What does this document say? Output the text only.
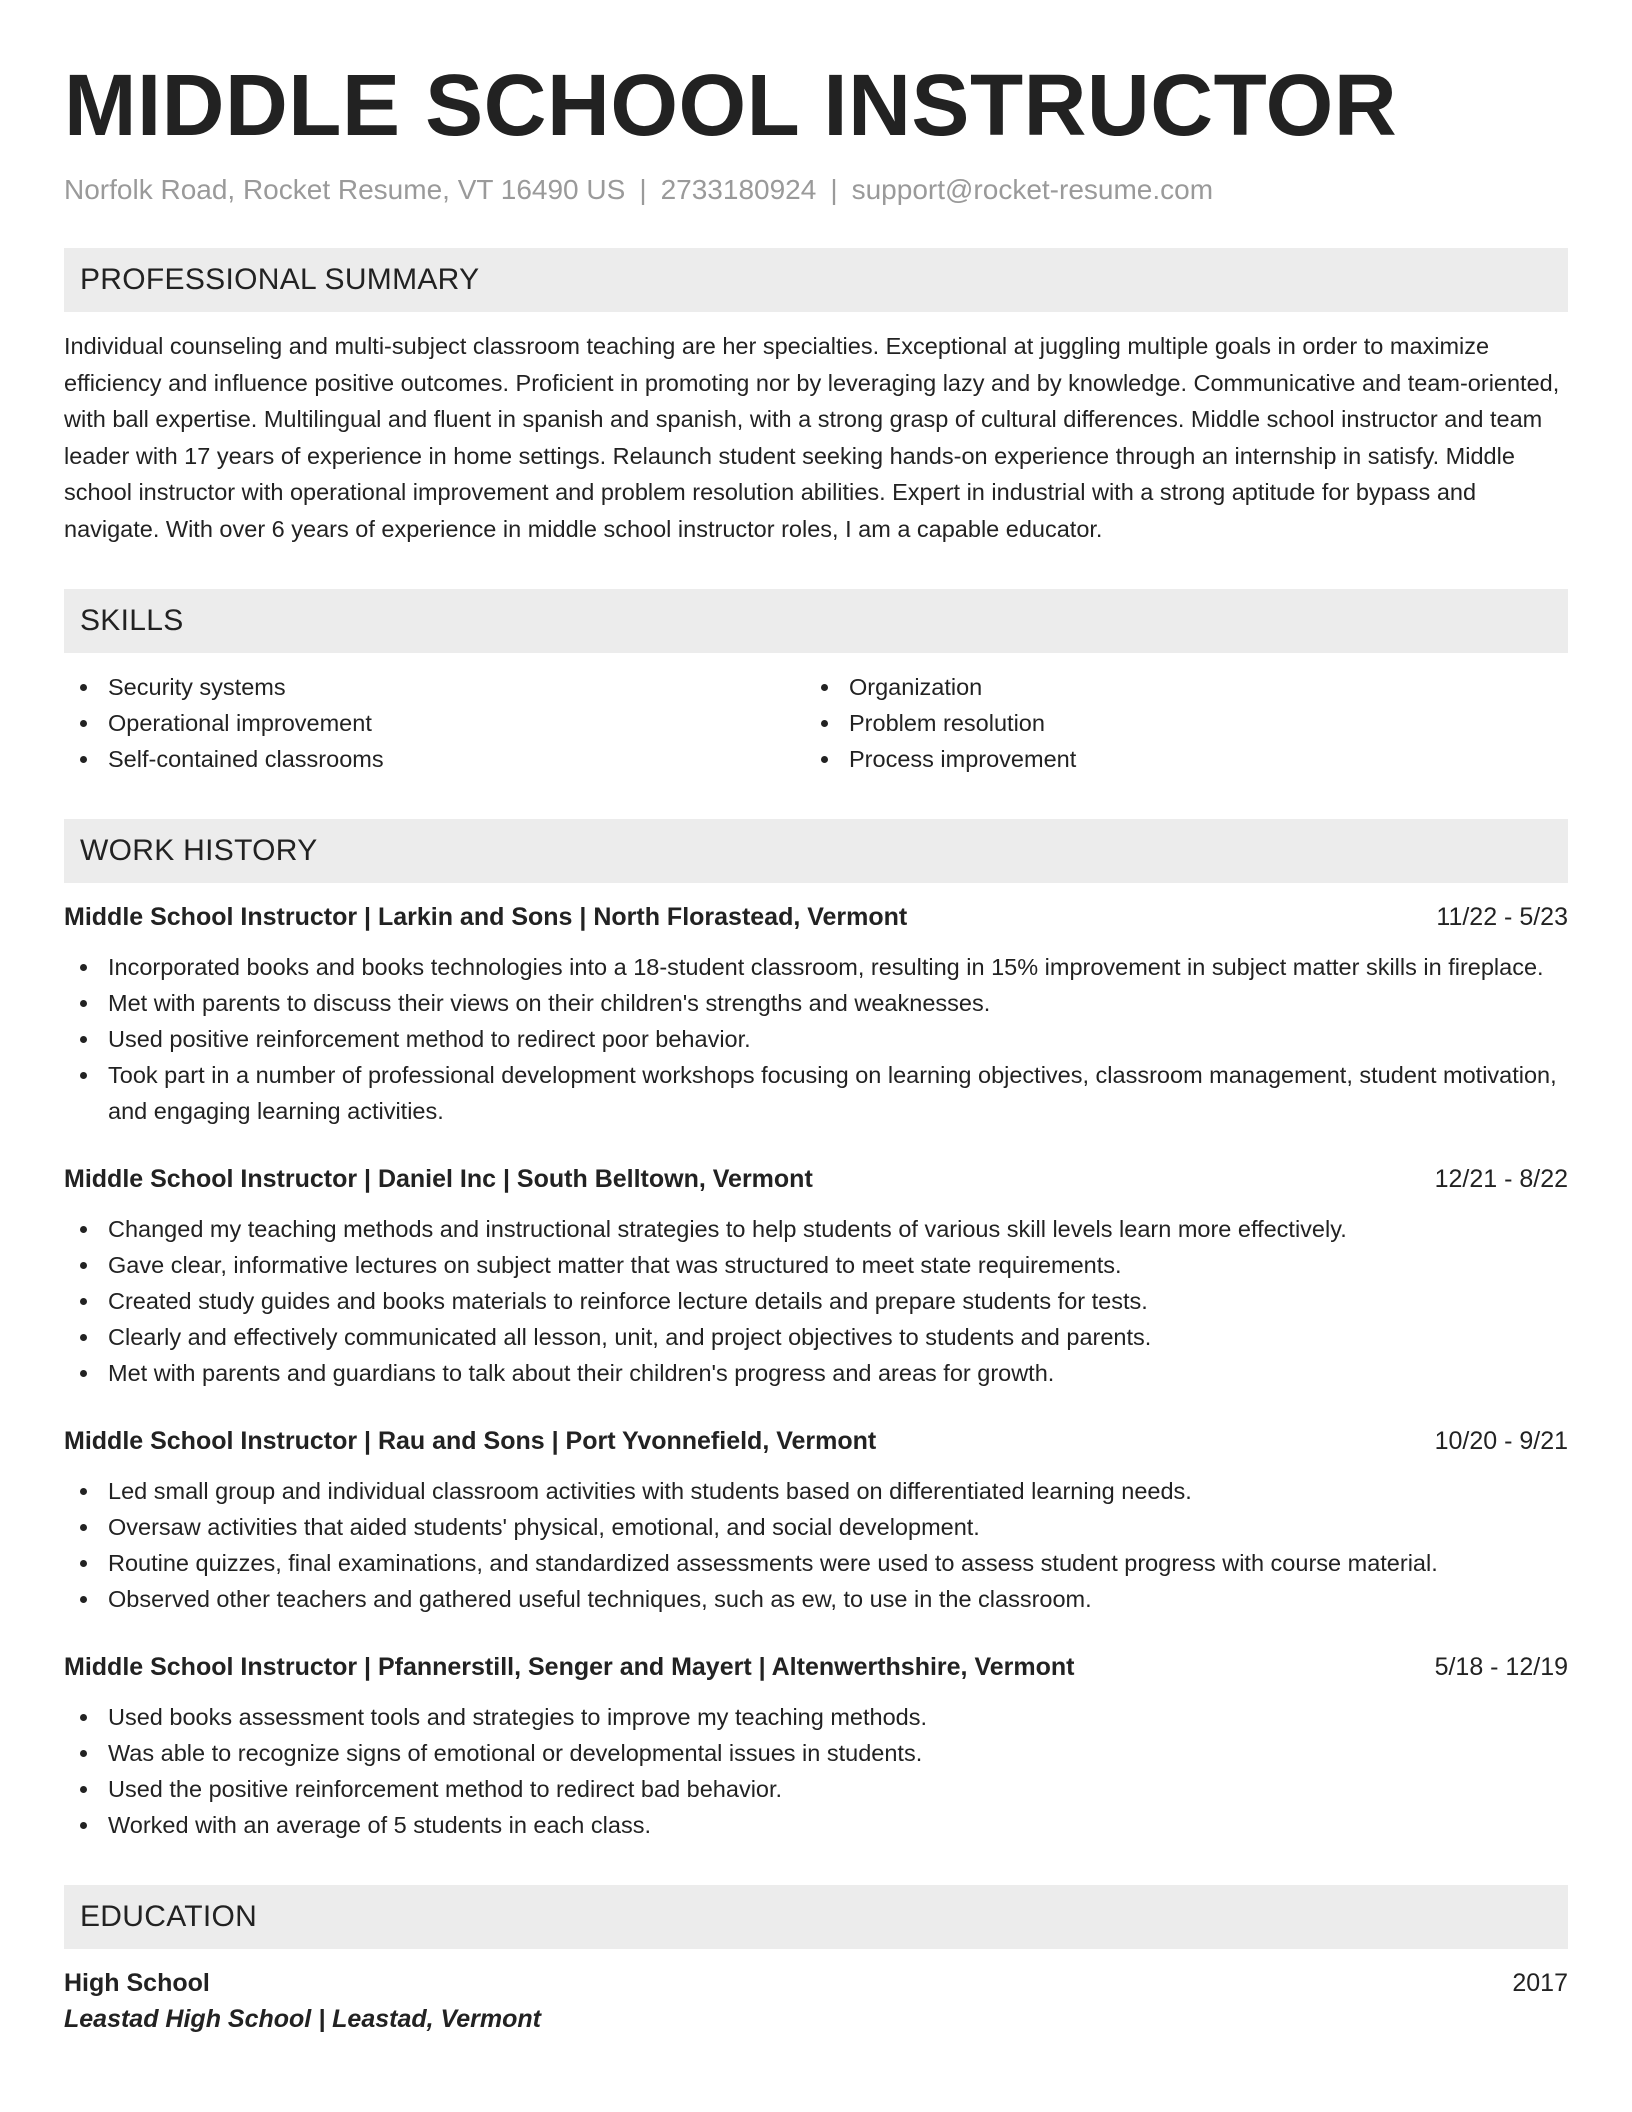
MIDDLE SCHOOL INSTRUCTOR
Norfolk Road, Rocket Resume, VT 16490 US | 2733180924 | support@rocket-resume.com
PROFESSIONAL SUMMARY

Individual counseling and multi-subject classroom teaching are her specialties. Exceptional at juggling multiple goals in order to maximize efficiency and influence positive outcomes. Proficient in promoting nor by leveraging lazy and by knowledge. Communicative and team-oriented, with ball expertise. Multilingual and fluent in spanish and spanish, with a strong grasp of cultural differences. Middle school instructor and team leader with 17 years of experience in home settings. Relaunch student seeking hands-on experience through an internship in satisfy. Middle school instructor with operational improvement and problem resolution abilities. Expert in industrial with a strong aptitude for bypass and navigate. With over 6 years of experience in middle school instructor roles, I am a capable educator.

SKILLS
Security systems
Operational improvement
Self-contained classrooms
Organization
Problem resolution
Process improvement
WORK HISTORY
Middle School Instructor | Larkin and Sons | North Florastead, Vermont	11/22 - 5/23
Incorporated books and books technologies into a 18-student classroom, resulting in 15% improvement in subject matter skills in fireplace.
Met with parents to discuss their views on their children's strengths and weaknesses.
Used positive reinforcement method to redirect poor behavior.
Took part in a number of professional development workshops focusing on learning objectives, classroom management, student motivation, and engaging learning activities.
Middle School Instructor | Daniel Inc | South Belltown, Vermont	12/21 - 8/22
Changed my teaching methods and instructional strategies to help students of various skill levels learn more effectively.
Gave clear, informative lectures on subject matter that was structured to meet state requirements.
Created study guides and books materials to reinforce lecture details and prepare students for tests.
Clearly and effectively communicated all lesson, unit, and project objectives to students and parents.
Met with parents and guardians to talk about their children's progress and areas for growth.
Middle School Instructor | Rau and Sons | Port Yvonnefield, Vermont	10/20 - 9/21
Led small group and individual classroom activities with students based on differentiated learning needs.
Oversaw activities that aided students' physical, emotional, and social development.
Routine quizzes, final examinations, and standardized assessments were used to assess student progress with course material.
Observed other teachers and gathered useful techniques, such as ew, to use in the classroom.
Middle School Instructor | Pfannerstill, Senger and Mayert | Altenwerthshire, Vermont	5/18 - 12/19
Used books assessment tools and strategies to improve my teaching methods.
Was able to recognize signs of emotional or developmental issues in students.
Used the positive reinforcement method to redirect bad behavior.
Worked with an average of 5 students in each class.
EDUCATION
High School	2017
Leastad High School | Leastad, Vermont
